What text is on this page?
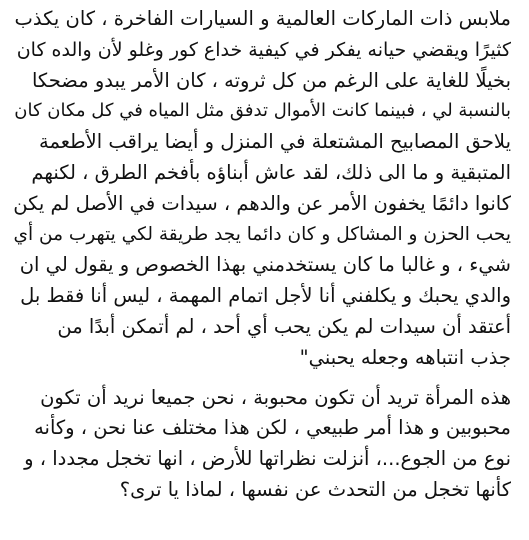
ملابس ذات الماركات العالمية و السيارات الفاخرة ، كان يكذب
كثيرًا ويقضي حيانه يفكر في كيفية خداع كور وغلو لأن والده كان
بخيلًا للغاية على الرغم من كل ثروته ، كان الأمر يبدو مضحكا
بالنسبة لي ، فبينما كانت الأموال تدفق مثل المياه في كل مكان كان
يلاحق المصابيح المشتعلة في المنزل و أيضا يراقب الأطعمة
المتبقية و ما الى ذلك، لقد عاش أبناؤه بأفخم الطرق ، لكنهم
كانوا دائمًا يخفون الأمر عن والدهم ، سيدات في الأصل لم يكن
يحب الحزن و المشاكل و كان دائما يجد طريقة لكي يتهرب من أي
شيء ، و غالبا ما كان يستخدمني بهذا الخصوص و يقول لي ان
والدي يحبك و يكلفني أنا لأجل اتمام المهمة ، ليس أنا فقط بل
أعتقد أن سيدات لم يكن يحب أي أحد ، لم أتمكن أبدًا من
جذب انتباهه وجعله يحبني"
هذه المرأة تريد أن تكون محبوبة ، نحن جميعا نريد أن تكون
محبوبين و هذا أمر طبيعي ، لكن هذا مختلف عنا نحن ، وكأنه
نوع من الجوع...، أنزلت نظراتها للأرض ، انها تخجل مجددا ، و
كأنها تخجل من التحدث عن نفسها ، لماذا يا ترى؟
